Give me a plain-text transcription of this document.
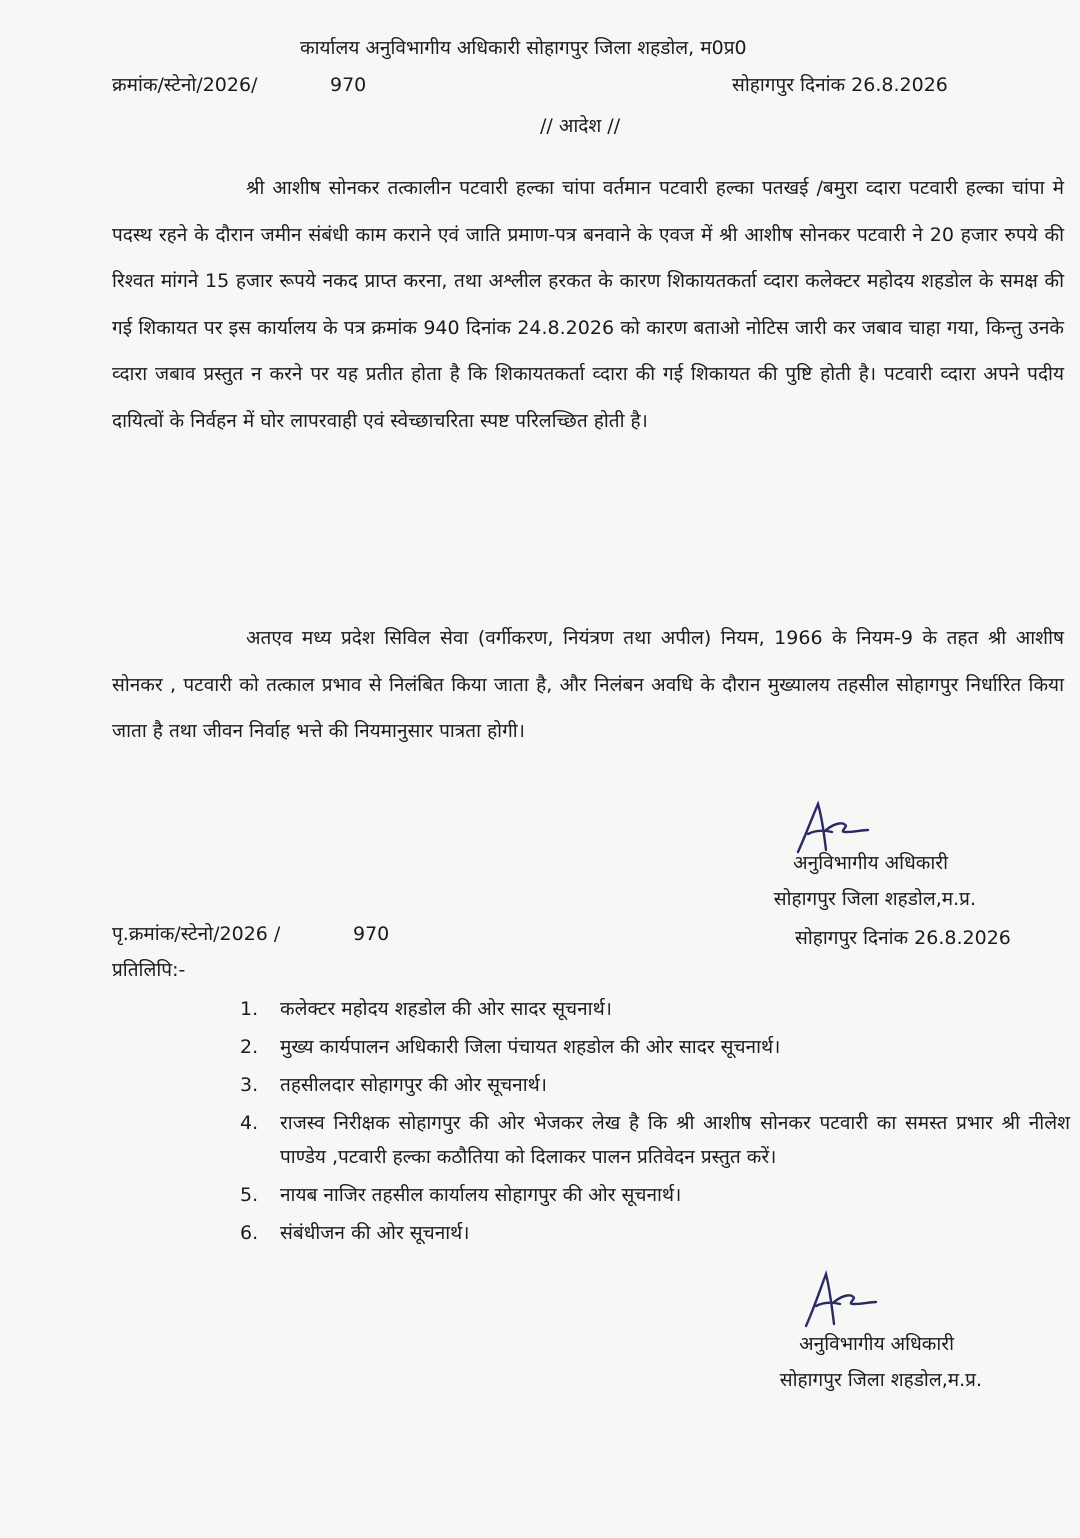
कार्यालय अनुविभागीय अधिकारी सोहागपुर जिला शहडोल, म0प्र0
क्रमांक/स्टेनो/2026/	970	सोहागपुर दिनांक 26.8.2026
// आदेश //
श्री आशीष सोनकर तत्कालीन पटवारी हल्का चांपा वर्तमान पटवारी हल्का पतखई /बमुरा व्दारा पटवारी हल्का चांपा मे पदस्थ रहने के दौरान जमीन संबंधी काम कराने एवं जाति प्रमाण-पत्र बनवाने के एवज में श्री आशीष सोनकर पटवारी ने 20 हजार रुपये की रिश्वत मांगने 15 हजार रूपये नकद प्राप्त करना, तथा अश्लील हरकत के कारण शिकायतकर्ता व्दारा कलेक्टर महोदय शहडोल के समक्ष की गई शिकायत पर इस कार्यालय के पत्र क्रमांक 940 दिनांक 24.8.2026 को कारण बताओ नोटिस जारी कर जबाव चाहा गया, किन्तु उनके व्दारा जबाव प्रस्तुत न करने पर यह प्रतीत होता है कि शिकायतकर्ता व्दारा की गई शिकायत की पुष्टि होती है। पटवारी व्दारा अपने पदीय दायित्वों के निर्वहन में घोर लापरवाही एवं स्वेच्छाचरिता स्पष्ट परिलच्छित होती है।
अतएव मध्य प्रदेश सिविल सेवा (वर्गीकरण, नियंत्रण तथा अपील) नियम, 1966 के नियम-9 के तहत श्री आशीष सोनकर , पटवारी को तत्काल प्रभाव से निलंबित किया जाता है, और निलंबन अवधि के दौरान मुख्यालय तहसील सोहागपुर निर्धारित किया जाता है तथा जीवन निर्वाह भत्ते की नियमानुसार पात्रता होगी।
अनुविभागीय अधिकारी
सोहागपुर जिला शहडोल,म.प्र.
पृ.क्रमांक/स्टेनो/2026 /	970	सोहागपुर दिनांक 26.8.2026
प्रतिलिपि:-
1. कलेक्टर महोदय शहडोल की ओर सादर सूचनार्थ।
2. मुख्य कार्यपालन अधिकारी जिला पंचायत शहडोल की ओर सादर सूचनार्थ।
3. तहसीलदार सोहागपुर की ओर सूचनार्थ।
4. राजस्व निरीक्षक सोहागपुर की ओर भेजकर लेख है कि श्री आशीष सोनकर पटवारी का समस्त प्रभार श्री नीलेश पाण्डेय ,पटवारी हल्का कठौतिया को दिलाकर पालन प्रतिवेदन प्रस्तुत करें।
5. नायब नाजिर तहसील कार्यालय सोहागपुर की ओर सूचनार्थ।
6. संबंधीजन की ओर सूचनार्थ।
अनुविभागीय अधिकारी
सोहागपुर जिला शहडोल,म.प्र.
